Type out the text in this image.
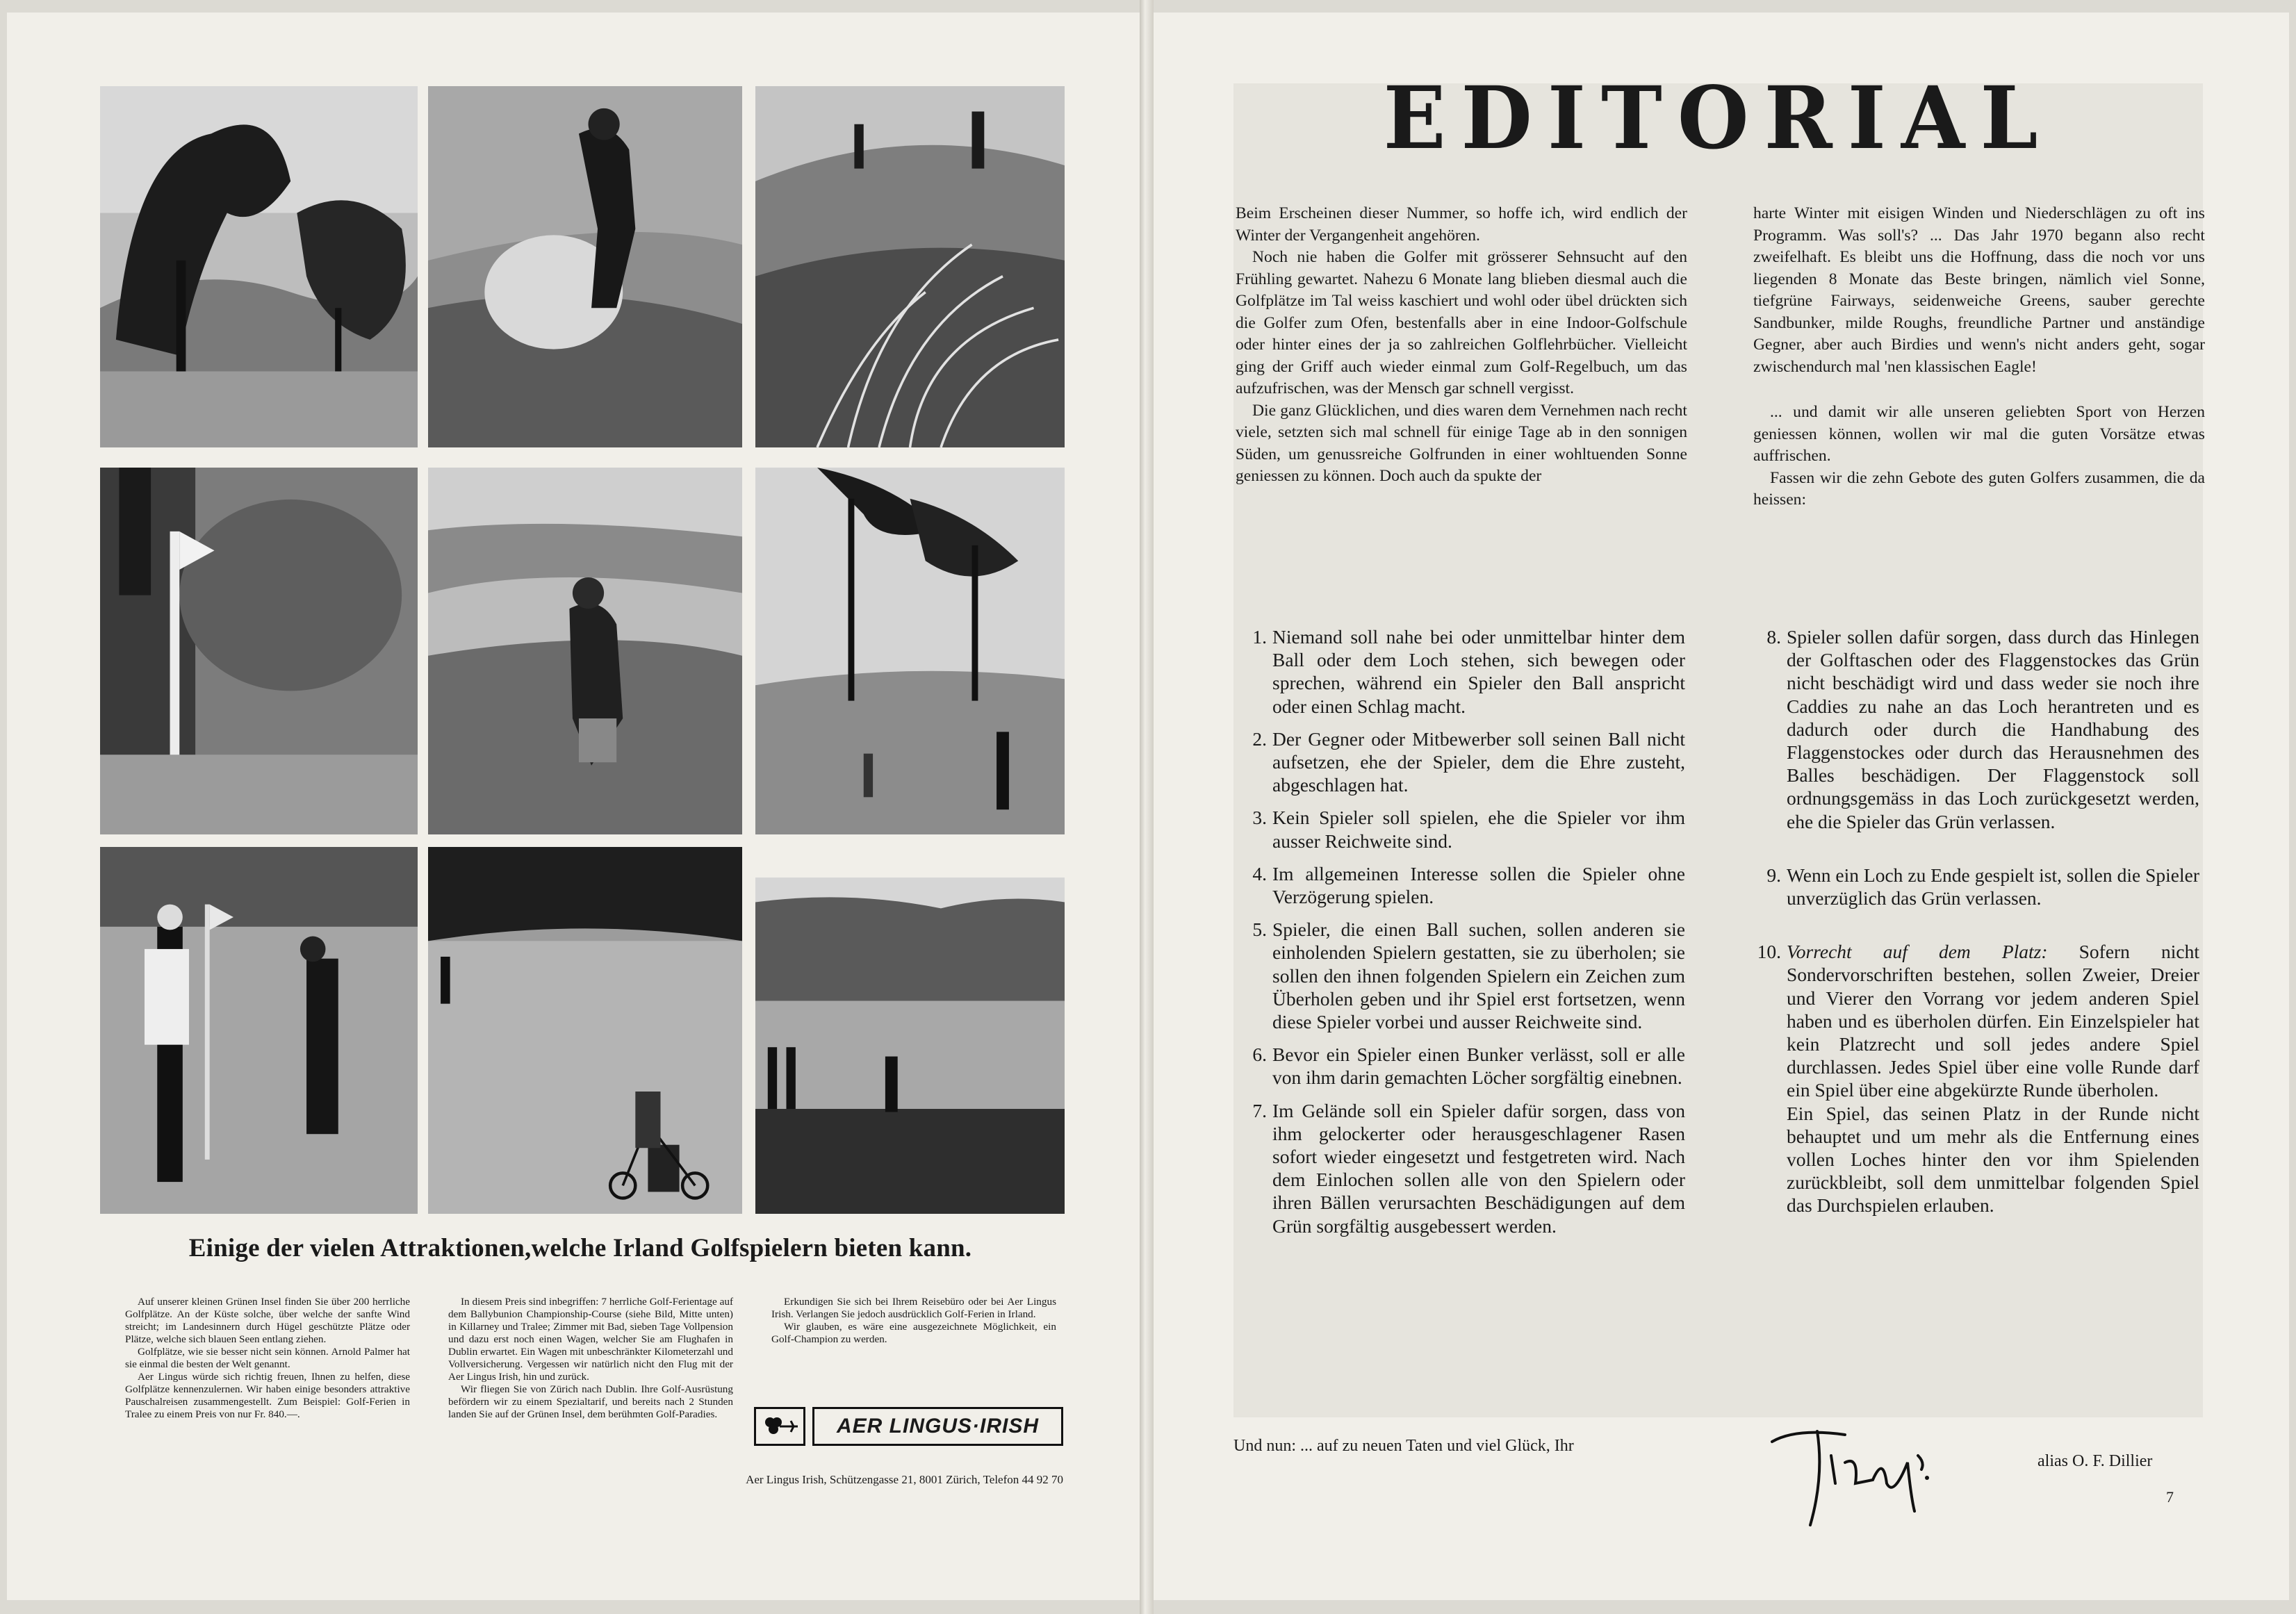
Einige der vielen Attraktionen,welche Irland Golfspielern bieten kann.

Auf unserer kleinen Grünen Insel finden Sie über 200 herrliche Golfplätze. An der Küste solche, über welche der sanfte Wind streicht; im Landesinnern durch Hügel geschützte Plätze oder Plätze, welche sich blauen Seen entlang ziehen.

Golfplätze, wie sie besser nicht sein können. Arnold Palmer hat sie einmal die besten der Welt genannt.

Aer Lingus würde sich richtig freuen, Ihnen zu helfen, diese Golfplätze kennenzulernen. Wir haben einige besonders attraktive Pauschalreisen zusammengestellt. Zum Beispiel: Golf-Ferien in Tralee zu einem Preis von nur Fr. 840.—.

In diesem Preis sind inbegriffen: 7 herrliche Golf-Ferientage auf dem Ballybunion Championship-Course (siehe Bild, Mitte unten) in Killarney und Tralee; Zimmer mit Bad, sieben Tage Vollpension und dazu erst noch einen Wagen, welcher Sie am Flughafen in Dublin erwartet. Ein Wagen mit unbeschränkter Kilometerzahl und Vollversicherung. Vergessen wir natürlich nicht den Flug mit der Aer Lingus Irish, hin und zurück.

Wir fliegen Sie von Zürich nach Dublin. Ihre Golf-Ausrüstung befördern wir zu einem Spezialtarif, und bereits nach 2 Stunden landen Sie auf der Grünen Insel, dem berühmten Golf-Paradies.

Erkundigen Sie sich bei Ihrem Reisebüro oder bei Aer Lingus Irish. Verlangen Sie jedoch ausdrücklich Golf-Ferien in Irland.

Wir glauben, es wäre eine ausgezeichnete Möglichkeit, ein Golf-Champion zu werden.

AER LINGUS·IRISH
Aer Lingus Irish, Schützengasse 21, 8001 Zürich, Telefon 44 92 70
EDITORIAL

Beim Erscheinen dieser Nummer, so hoffe ich, wird endlich der Winter der Vergangenheit angehören.

Noch nie haben die Golfer mit grösserer Sehnsucht auf den Frühling gewartet. Nahezu 6 Monate lang blieben diesmal auch die Golfplätze im Tal weiss kaschiert und wohl oder übel drückten sich die Golfer zum Ofen, bestenfalls aber in eine Indoor-Golfschule oder hinter eines der ja so zahlreichen Golflehrbücher. Vielleicht ging der Griff auch wieder einmal zum Golf-Regelbuch, um das aufzufrischen, was der Mensch gar schnell vergisst.

Die ganz Glücklichen, und dies waren dem Vernehmen nach recht viele, setzten sich mal schnell für einige Tage ab in den sonnigen Süden, um genussreiche Golfrunden in einer wohltuenden Sonne geniessen zu können. Doch auch da spukte der

harte Winter mit eisigen Winden und Niederschlägen zu oft ins Programm. Was soll's? ... Das Jahr 1970 begann also recht zweifelhaft. Es bleibt uns die Hoffnung, dass die noch vor uns liegenden 8 Monate das Beste bringen, nämlich viel Sonne, tiefgrüne Fairways, seidenweiche Greens, sauber gerechte Sandbunker, milde Roughs, freundliche Partner und anständige Gegner, aber auch Birdies und wenn's nicht anders geht, sogar zwischendurch mal 'nen klassischen Eagle!

... und damit wir alle unseren geliebten Sport von Herzen geniessen können, wollen wir mal die guten Vorsätze etwas auffrischen.

Fassen wir die zehn Gebote des guten Golfers zusammen, die da heissen:

1. Niemand soll nahe bei oder unmittelbar hinter dem Ball oder dem Loch stehen, sich bewegen oder sprechen, während ein Spieler den Ball anspricht oder einen Schlag macht.
2. Der Gegner oder Mitbewerber soll seinen Ball nicht aufsetzen, ehe der Spieler, dem die Ehre zusteht, abgeschlagen hat.
3. Kein Spieler soll spielen, ehe die Spieler vor ihm ausser Reichweite sind.
4. Im allgemeinen Interesse sollen die Spieler ohne Verzögerung spielen.
5. Spieler, die einen Ball suchen, sollen anderen sie einholenden Spielern gestatten, sie zu überholen; sie sollen den ihnen folgenden Spielern ein Zeichen zum Überholen geben und ihr Spiel erst fortsetzen, wenn diese Spieler vorbei und ausser Reichweite sind.
6. Bevor ein Spieler einen Bunker verlässt, soll er alle von ihm darin gemachten Löcher sorgfältig einebnen.
7. Im Gelände soll ein Spieler dafür sorgen, dass von ihm gelockerter oder herausgeschlagener Rasen sofort wieder eingesetzt und festgetreten wird. Nach dem Einlochen sollen alle von den Spielern oder ihren Bällen verursachten Beschädigungen auf dem Grün sorgfältig ausgebessert werden.
8. Spieler sollen dafür sorgen, dass durch das Hinlegen der Golftaschen oder des Flaggenstockes das Grün nicht beschädigt wird und dass weder sie noch ihre Caddies zu nahe an das Loch herantreten und es dadurch oder durch die Handhabung des Flaggenstockes oder durch das Herausnehmen des Balles beschädigen. Der Flaggenstock soll ordnungsgemäss in das Loch zurückgesetzt werden, ehe die Spieler das Grün verlassen.
9. Wenn ein Loch zu Ende gespielt ist, sollen die Spieler unverzüglich das Grün verlassen.
10. Vorrecht auf dem Platz: Sofern nicht Sondervorschriften bestehen, sollen Zweier, Dreier und Vierer den Vorrang vor jedem anderen Spiel haben und es überholen dürfen. Ein Einzelspieler hat kein Platzrecht und soll jedes andere Spiel durchlassen. Jedes Spiel über eine volle Runde darf ein Spiel über eine abgekürzte Runde überholen.

Ein Spiel, das seinen Platz in der Runde nicht behauptet und um mehr als die Entfernung eines vollen Loches hinter den vor ihm Spielenden zurückbleibt, soll dem unmittelbar folgenden Spiel das Durchspielen erlauben.

Und nun: ... auf zu neuen Taten und viel Glück, Ihr
alias O. F. Dillier
7
